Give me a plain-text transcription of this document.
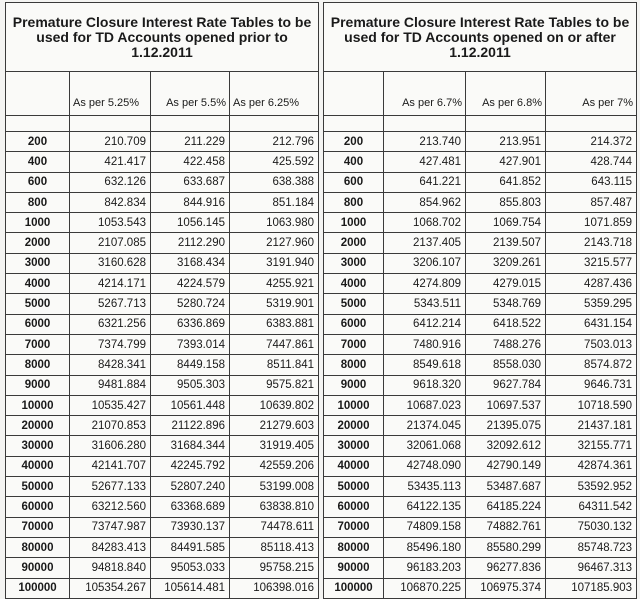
Premature Closure Interest Rate Tables to be used for TD Accounts opened prior to 1.12.2011			
	As per 5.25%	As per 5.5%	As per 6.25%

200	210.709	211.229	212.796
400	421.417	422.458	425.592
600	632.126	633.687	638.388
800	842.834	844.916	851.184
1000	1053.543	1056.145	1063.980
2000	2107.085	2112.290	2127.960
3000	3160.628	3168.434	3191.940
4000	4214.171	4224.579	4255.921
5000	5267.713	5280.724	5319.901
6000	6321.256	6336.869	6383.881
7000	7374.799	7393.014	7447.861
8000	8428.341	8449.158	8511.841
9000	9481.884	9505.303	9575.821
10000	10535.427	10561.448	10639.802
20000	21070.853	21122.896	21279.603
30000	31606.280	31684.344	31919.405
40000	42141.707	42245.792	42559.206
50000	52677.133	52807.240	53199.008
60000	63212.560	63368.689	63838.810
70000	73747.987	73930.137	74478.611
80000	84283.413	84491.585	85118.413
90000	94818.840	95053.033	95758.215
100000	105354.267	105614.481	106398.016
Premature Closure Interest Rate Tables to be used for TD Accounts opened on or after 1.12.2011			
	As per 6.7%	As per 6.8%	As per 7%

200	213.740	213.951	214.372
400	427.481	427.901	428.744
600	641.221	641.852	643.115
800	854.962	855.803	857.487
1000	1068.702	1069.754	1071.859
2000	2137.405	2139.507	2143.718
3000	3206.107	3209.261	3215.577
4000	4274.809	4279.015	4287.436
5000	5343.511	5348.769	5359.295
6000	6412.214	6418.522	6431.154
7000	7480.916	7488.276	7503.013
8000	8549.618	8558.030	8574.872
9000	9618.320	9627.784	9646.731
10000	10687.023	10697.537	10718.590
20000	21374.045	21395.075	21437.181
30000	32061.068	32092.612	32155.771
40000	42748.090	42790.149	42874.361
50000	53435.113	53487.687	53592.952
60000	64122.135	64185.224	64311.542
70000	74809.158	74882.761	75030.132
80000	85496.180	85580.299	85748.723
90000	96183.203	96277.836	96467.313
100000	106870.225	106975.374	107185.903
